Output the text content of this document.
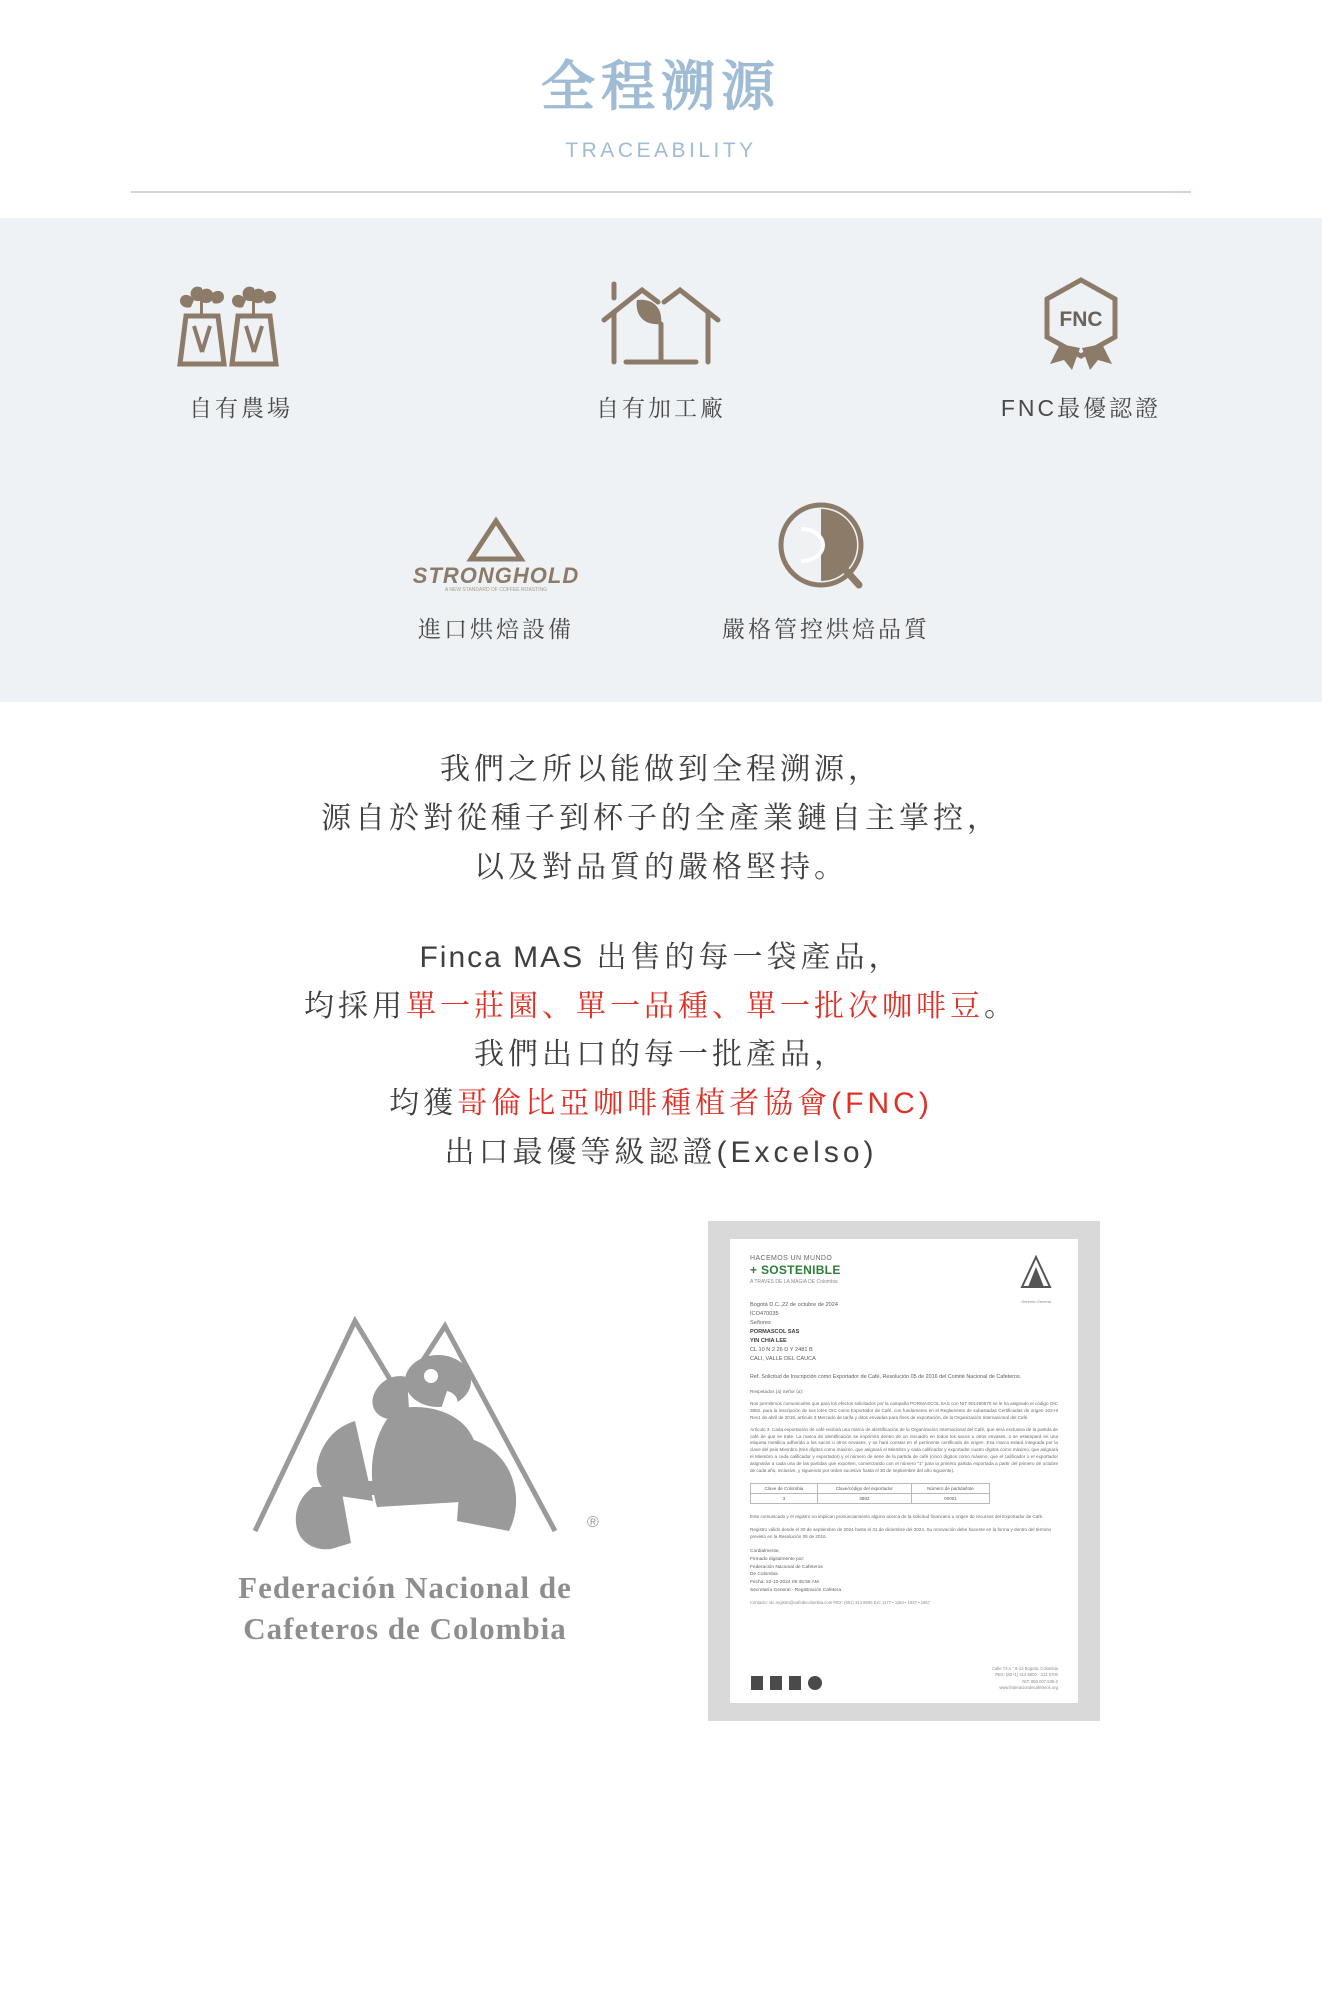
全程溯源
TRACEABILITY
自有農場	自有加工廠
FNC
FNC最優認證
STRONGHOLD
A NEW STANDARD OF COFFEE ROASTING
進口烘焙設備	嚴格管控烘焙品質

我們之所以能做到全程溯源，

源自於對從種子到杯子的全產業鏈自主掌控，

以及對品質的嚴格堅持。

Finca MAS 出售的每一袋產品，

均採用單一莊園、單一品種、單一批次咖啡豆。

我們出口的每一批產品，

均獲哥倫比亞咖啡種植者協會(FNC)

出口最優等級認證(Excelso)

®
Federación Nacional de
Cafeteros de Colombia
HACEMOS UN MUNDO
+ SOSTENIBLE
A TRAVÉS DE LA MAGIA DE Colombia
Gerente General
Bogotá D.C.,22 de octubre de 2024
ICO470035
Señores
PORMASCOL SAS
YIN CHIA LEE
CL 10 N 2 26 D Y 2481 B
CALI, VALLE DEL CAUCA
Ref. Solicitud de Inscripción como Exportador de Café, Resolución 05 de 2016 del Comité Nacional de Cafeteros.

Respetados (a) Señor (a):

Nos permitimos comunicarles que para los efectos solicitados por la campaña PORMASCOL SAS con NIT 901490575 se le ha asignado el código OIC 3882, para la inscripción de sus lotes OIC como Exportador de Café, con fundamento en el Reglamento de subastadas Certificadas de origen 102-III Rev1 de abril de 2018, artículo 3 Mercado de tarifa y ditos enviadas para fines de exportación, de la Organización Internacional del Café.

Artículo 3. Cada exportación de café recibirá una marca de identificación de la Organización Internacional del Café, que será exclusiva de la partida de café de que se trate. La marca de identificación se imprimirá dentro de un recuadro en todos los sacos u otros envases, o se estampará en una etiqueta metálica adherida a los sacos u otros envases, y se hará constar en el pertinente certificado de origen. Esa marca estará integrada por la clave del país Miembro (tres dígitos como máximo, que asignará el Miembro y cada calificador y exportador cuatro dígitos como máximo, que asignará el Miembro a cada calificador y exportador) y el número de serie de la partida de café (cinco dígitos como máximo, que el calificador o el exportador asignarán a cada una de las partidas que exporten, comenzando con el número "1" para la primera partida exportada a partir del primero de octubre de cada año, inclusive, y siguiendo por orden sucesivo hasta el 30 de septiembre del año siguiente).

Clave de Colombia	Clave/código del exportador	Número de partida/lote
3	3882	00001
Este comunicado y el registro no implican pronunciamiento alguno acerca de la solicitud financiera u origen de recursos del Exportador de Café.
Registro válido desde el 30 de septiembre de 2024 hasta el 31 de diciembre del 2024. Su renovación debe hacerse en la forma y dentro del término previsto en la Resolución 05 de 2016.
Cordialmente,
Firmado digitalmente por:
Federación Nacional de Cafeteros
De Colombia
Fecha: 22-10-2024 09:45:56 AM
Secretaría General - Registración Cafetera
Contacto: oic.registro@cafedecolombia.com PBX: (601) 313 6600 Ext: 1177 • 1184 • 1637 • 1657
Calle 73 A.° 8-13 Bogotá, Colombia
PBX: (60+1) 313 6600 - 313 6700
NIT: 860.007.538-2
www.federaciondecafeteros.org
